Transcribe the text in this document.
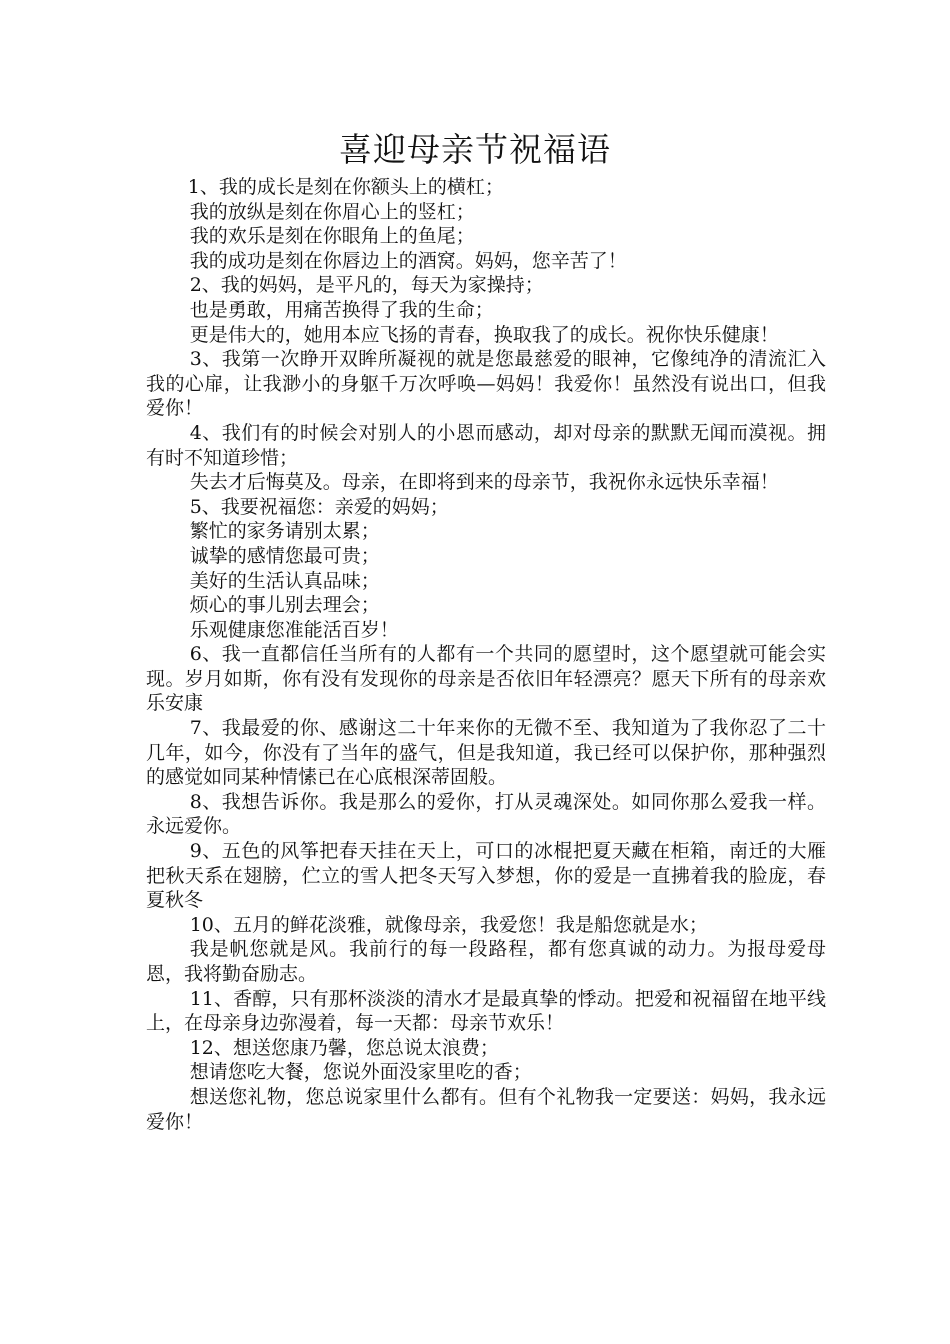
喜迎母亲节祝福语

1、我的成长是刻在你额头上的横杠；

我的放纵是刻在你眉心上的竖杠；

我的欢乐是刻在你眼角上的鱼尾；

我的成功是刻在你唇边上的酒窝。妈妈，您辛苦了！

2、我的妈妈，是平凡的，每天为家操持；

也是勇敢，用痛苦换得了我的生命；

更是伟大的，她用本应飞扬的青春，换取我了的成长。祝你快乐健康！

3、我第一次睁开双眸所凝视的就是您最慈爱的眼神，它像纯净的清流汇入我的心扉，让我渺小的身躯千万次呼唤—妈妈！我爱你！虽然没有说出口，但我爱你！

4、我们有的时候会对别人的小恩而感动，却对母亲的默默无闻而漠视。拥有时不知道珍惜；

失去才后悔莫及。母亲，在即将到来的母亲节，我祝你永远快乐幸福！

5、我要祝福您：亲爱的妈妈；

繁忙的家务请别太累；

诚挚的感情您最可贵；

美好的生活认真品味；

烦心的事儿别去理会；

乐观健康您准能活百岁！

6、我一直都信任当所有的人都有一个共同的愿望时，这个愿望就可能会实现。岁月如斯，你有没有发现你的母亲是否依旧年轻漂亮？愿天下所有的母亲欢乐安康

7、我最爱的你、感谢这二十年来你的无微不至、我知道为了我你忍了二十几年，如今，你没有了当年的盛气，但是我知道，我已经可以保护你，那种强烈的感觉如同某种情愫已在心底根深蒂固般。

8、我想告诉你。我是那么的爱你，打从灵魂深处。如同你那么爱我一样。永远爱你。

9、五色的风筝把春天挂在天上，可口的冰棍把夏天藏在柜箱，南迁的大雁把秋天系在翅膀，伫立的雪人把冬天写入梦想，你的爱是一直拂着我的脸庞，春夏秋冬

10、五月的鲜花淡雅，就像母亲，我爱您！我是船您就是水；

我是帆您就是风。我前行的每一段路程，都有您真诚的动力。为报母爱母恩，我将勤奋励志。

11、香醇，只有那杯淡淡的清水才是最真挚的悸动。把爱和祝福留在地平线上，在母亲身边弥漫着，每一天都：母亲节欢乐！

12、想送您康乃馨，您总说太浪费；

想请您吃大餐，您说外面没家里吃的香；

想送您礼物，您总说家里什么都有。但有个礼物我一定要送：妈妈，我永远爱你！
